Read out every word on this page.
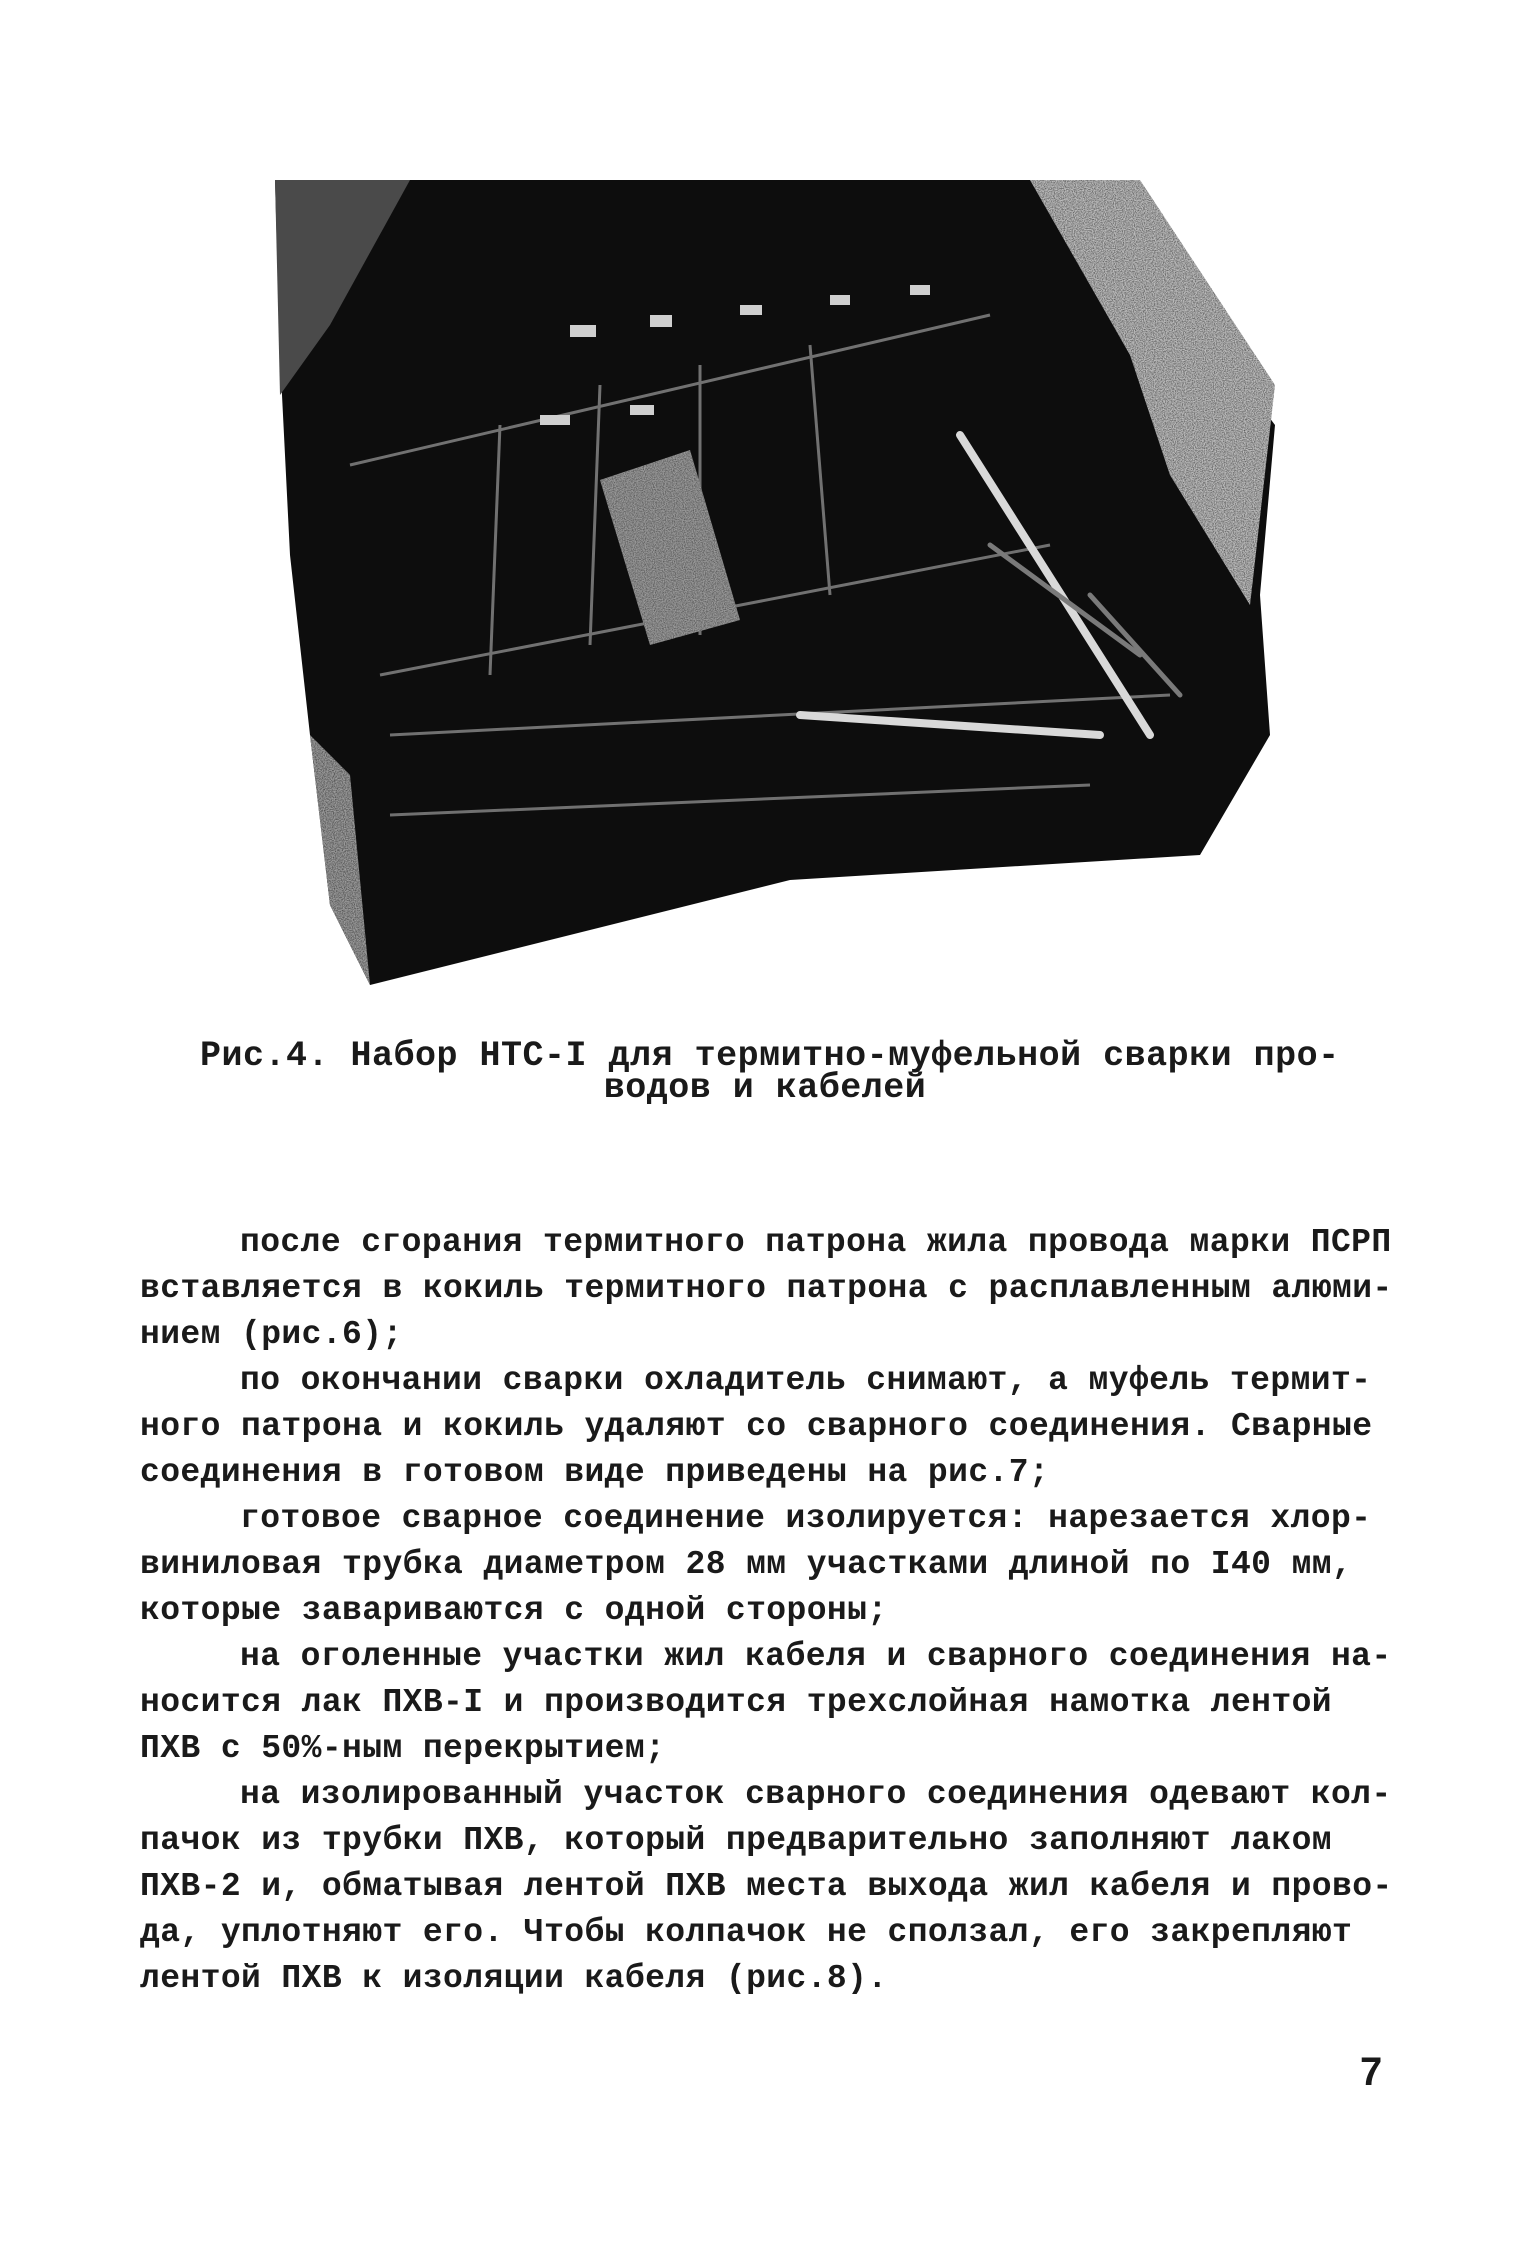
Рис.4. Набор НТС-I для термитно-муфельной сварки про-
водов и кабелей
после сгорания термитного патрона жила провода марки ПСРП
вставляется в кокиль термитного патрона с расплавленным алюми-
нием (рис.6);
по окончании сварки охладитель снимают, а муфель термит-
ного патрона и кокиль удаляют со сварного соединения. Сварные
соединения в готовом виде приведены на рис.7;
готовое сварное соединение изолируется: нарезается хлор-
виниловая трубка диаметром 28 мм участками длиной по I40 мм,
которые завариваются с одной стороны;
на оголенные участки жил кабеля и сварного соединения на-
носится лак ПХВ-I и производится трехслойная намотка лентой
ПХВ с 50%-ным перекрытием;
на изолированный участок сварного соединения одевают кол-
пачок из трубки ПХВ, который предварительно заполняют лаком
ПХВ-2 и, обматывая лентой ПХВ места выхода жил кабеля и прово-
да, уплотняют его. Чтобы колпачок не сползал, его закрепляют
лентой ПХВ к изоляции кабеля (рис.8).
7
